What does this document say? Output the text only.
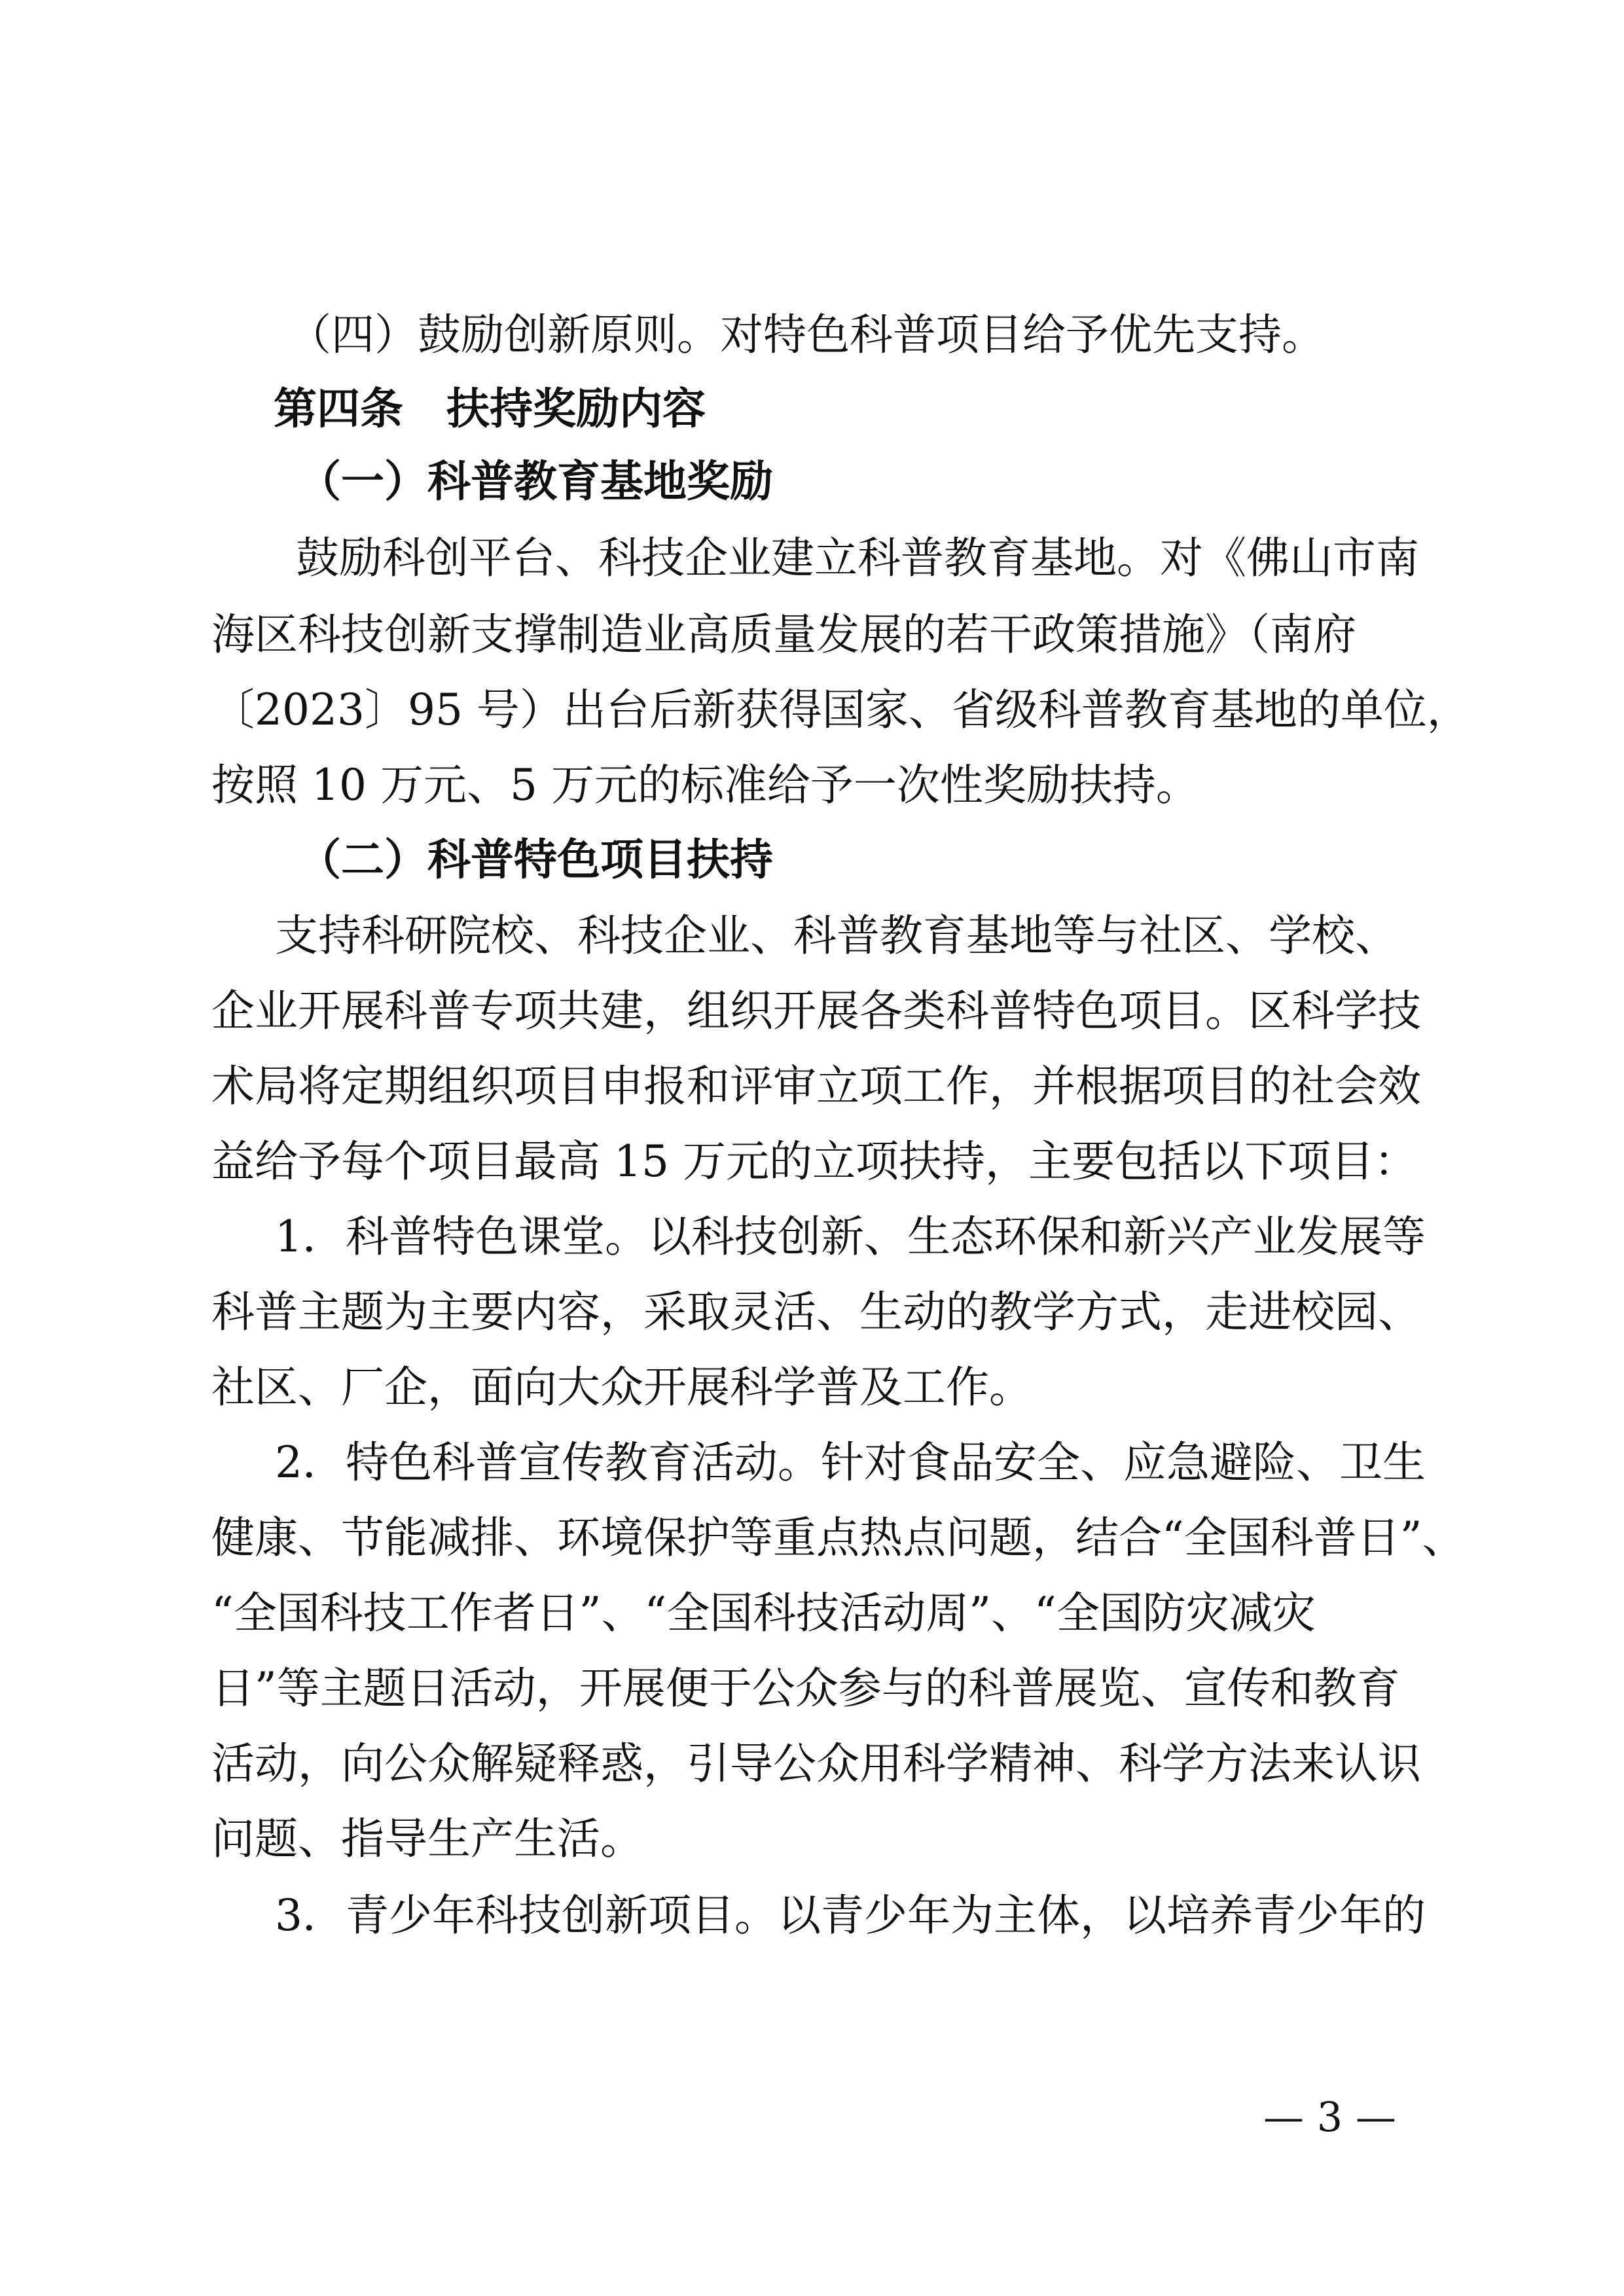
（四）鼓励创新原则。对特色科普项目给予优先支持。
第四条　扶持奖励内容
（一）科普教育基地奖励
鼓励科创平台、科技企业建立科普教育基地。对《佛山市南
海区科技创新支撑制造业高质量发展的若干政策措施》（南府
〔2023〕95 号）出台后新获得国家、省级科普教育基地的单位，
按照 10 万元、5 万元的标准给予一次性奖励扶持。
（二）科普特色项目扶持
支持科研院校、科技企业、科普教育基地等与社区、学校、
企业开展科普专项共建，组织开展各类科普特色项目。区科学技
术局将定期组织项目申报和评审立项工作，并根据项目的社会效
益给予每个项目最高 15 万元的立项扶持，主要包括以下项目：
1．科普特色课堂。以科技创新、生态环保和新兴产业发展等
科普主题为主要内容，采取灵活、生动的教学方式，走进校园、
社区、厂企，面向大众开展科学普及工作。
2．特色科普宣传教育活动。针对食品安全、应急避险、卫生
健康、节能减排、环境保护等重点热点问题，结合“全国科普日”、
“全国科技工作者日”、“全国科技活动周”、“全国防灾减灾
日”等主题日活动，开展便于公众参与的科普展览、宣传和教育
活动，向公众解疑释惑，引导公众用科学精神、科学方法来认识
问题、指导生产生活。
3．青少年科技创新项目。以青少年为主体，以培养青少年的
— 3 —
